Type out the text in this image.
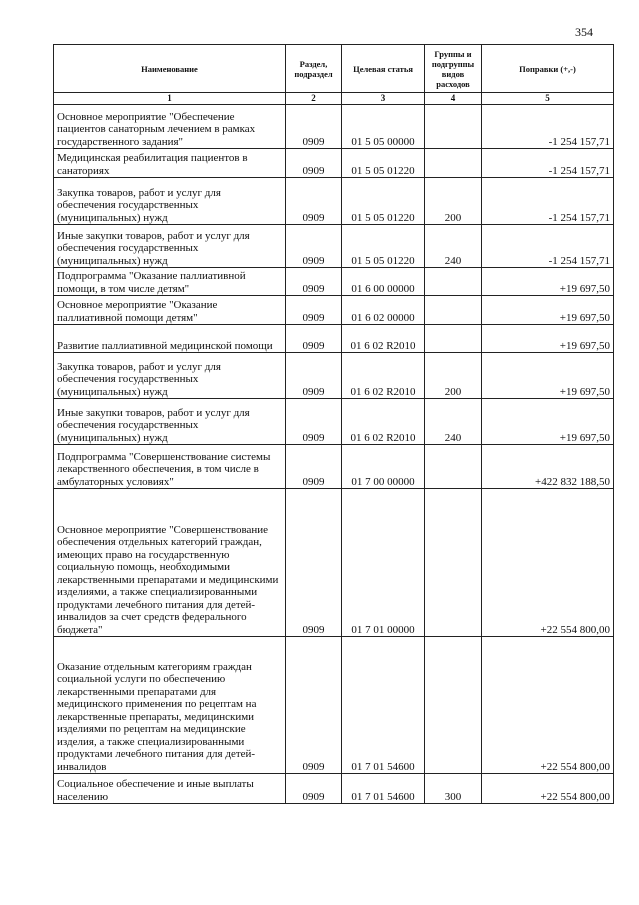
354
Наименование	Раздел, подраздел	Целевая статья	Группы и подгруппы видов расходов	Поправки (+,-)
1	2	3	4	5
Основное мероприятие "Обеспечение пациентов санаторным лечением в рамках государственного задания"	0909	01 5 05 00000		-1 254 157,71
Медицинская реабилитация пациентов в санаториях	0909	01 5 05 01220		-1 254 157,71
Закупка товаров, работ и услуг для обеспечения государственных (муниципальных) нужд	0909	01 5 05 01220	200	-1 254 157,71
Иные закупки товаров, работ и услуг для обеспечения государственных (муниципальных) нужд	0909	01 5 05 01220	240	-1 254 157,71
Подпрограмма "Оказание паллиативной помощи, в том числе детям"	0909	01 6 00 00000		+19 697,50
Основное мероприятие "Оказание паллиативной помощи детям"	0909	01 6 02 00000		+19 697,50
Развитие паллиативной медицинской помощи	0909	01 6 02 R2010		+19 697,50
Закупка товаров, работ и услуг для обеспечения государственных (муниципальных) нужд	0909	01 6 02 R2010	200	+19 697,50
Иные закупки товаров, работ и услуг для обеспечения государственных (муниципальных) нужд	0909	01 6 02 R2010	240	+19 697,50
Подпрограмма "Совершенствование системы лекарственного обеспечения, в том числе в амбулаторных условиях"	0909	01 7 00 00000		+422 832 188,50
Основное мероприятие "Совершенствование обеспечения отдельных категорий граждан, имеющих право на государственную социальную помощь, необходимыми лекарственными препаратами и медицинскими изделиями, а также специализированными продуктами лечебного питания для детей-инвалидов за счет средств федерального бюджета"	0909	01 7 01 00000		+22 554 800,00
Оказание отдельным категориям граждан социальной услуги по обеспечению лекарственными препаратами для медицинского применения по рецептам на лекарственные препараты, медицинскими изделиями по рецептам на медицинские изделия, а также специализированными продуктами лечебного питания для детей-инвалидов	0909	01 7 01 54600		+22 554 800,00
Социальное обеспечение и иные выплаты населению	0909	01 7 01 54600	300	+22 554 800,00
